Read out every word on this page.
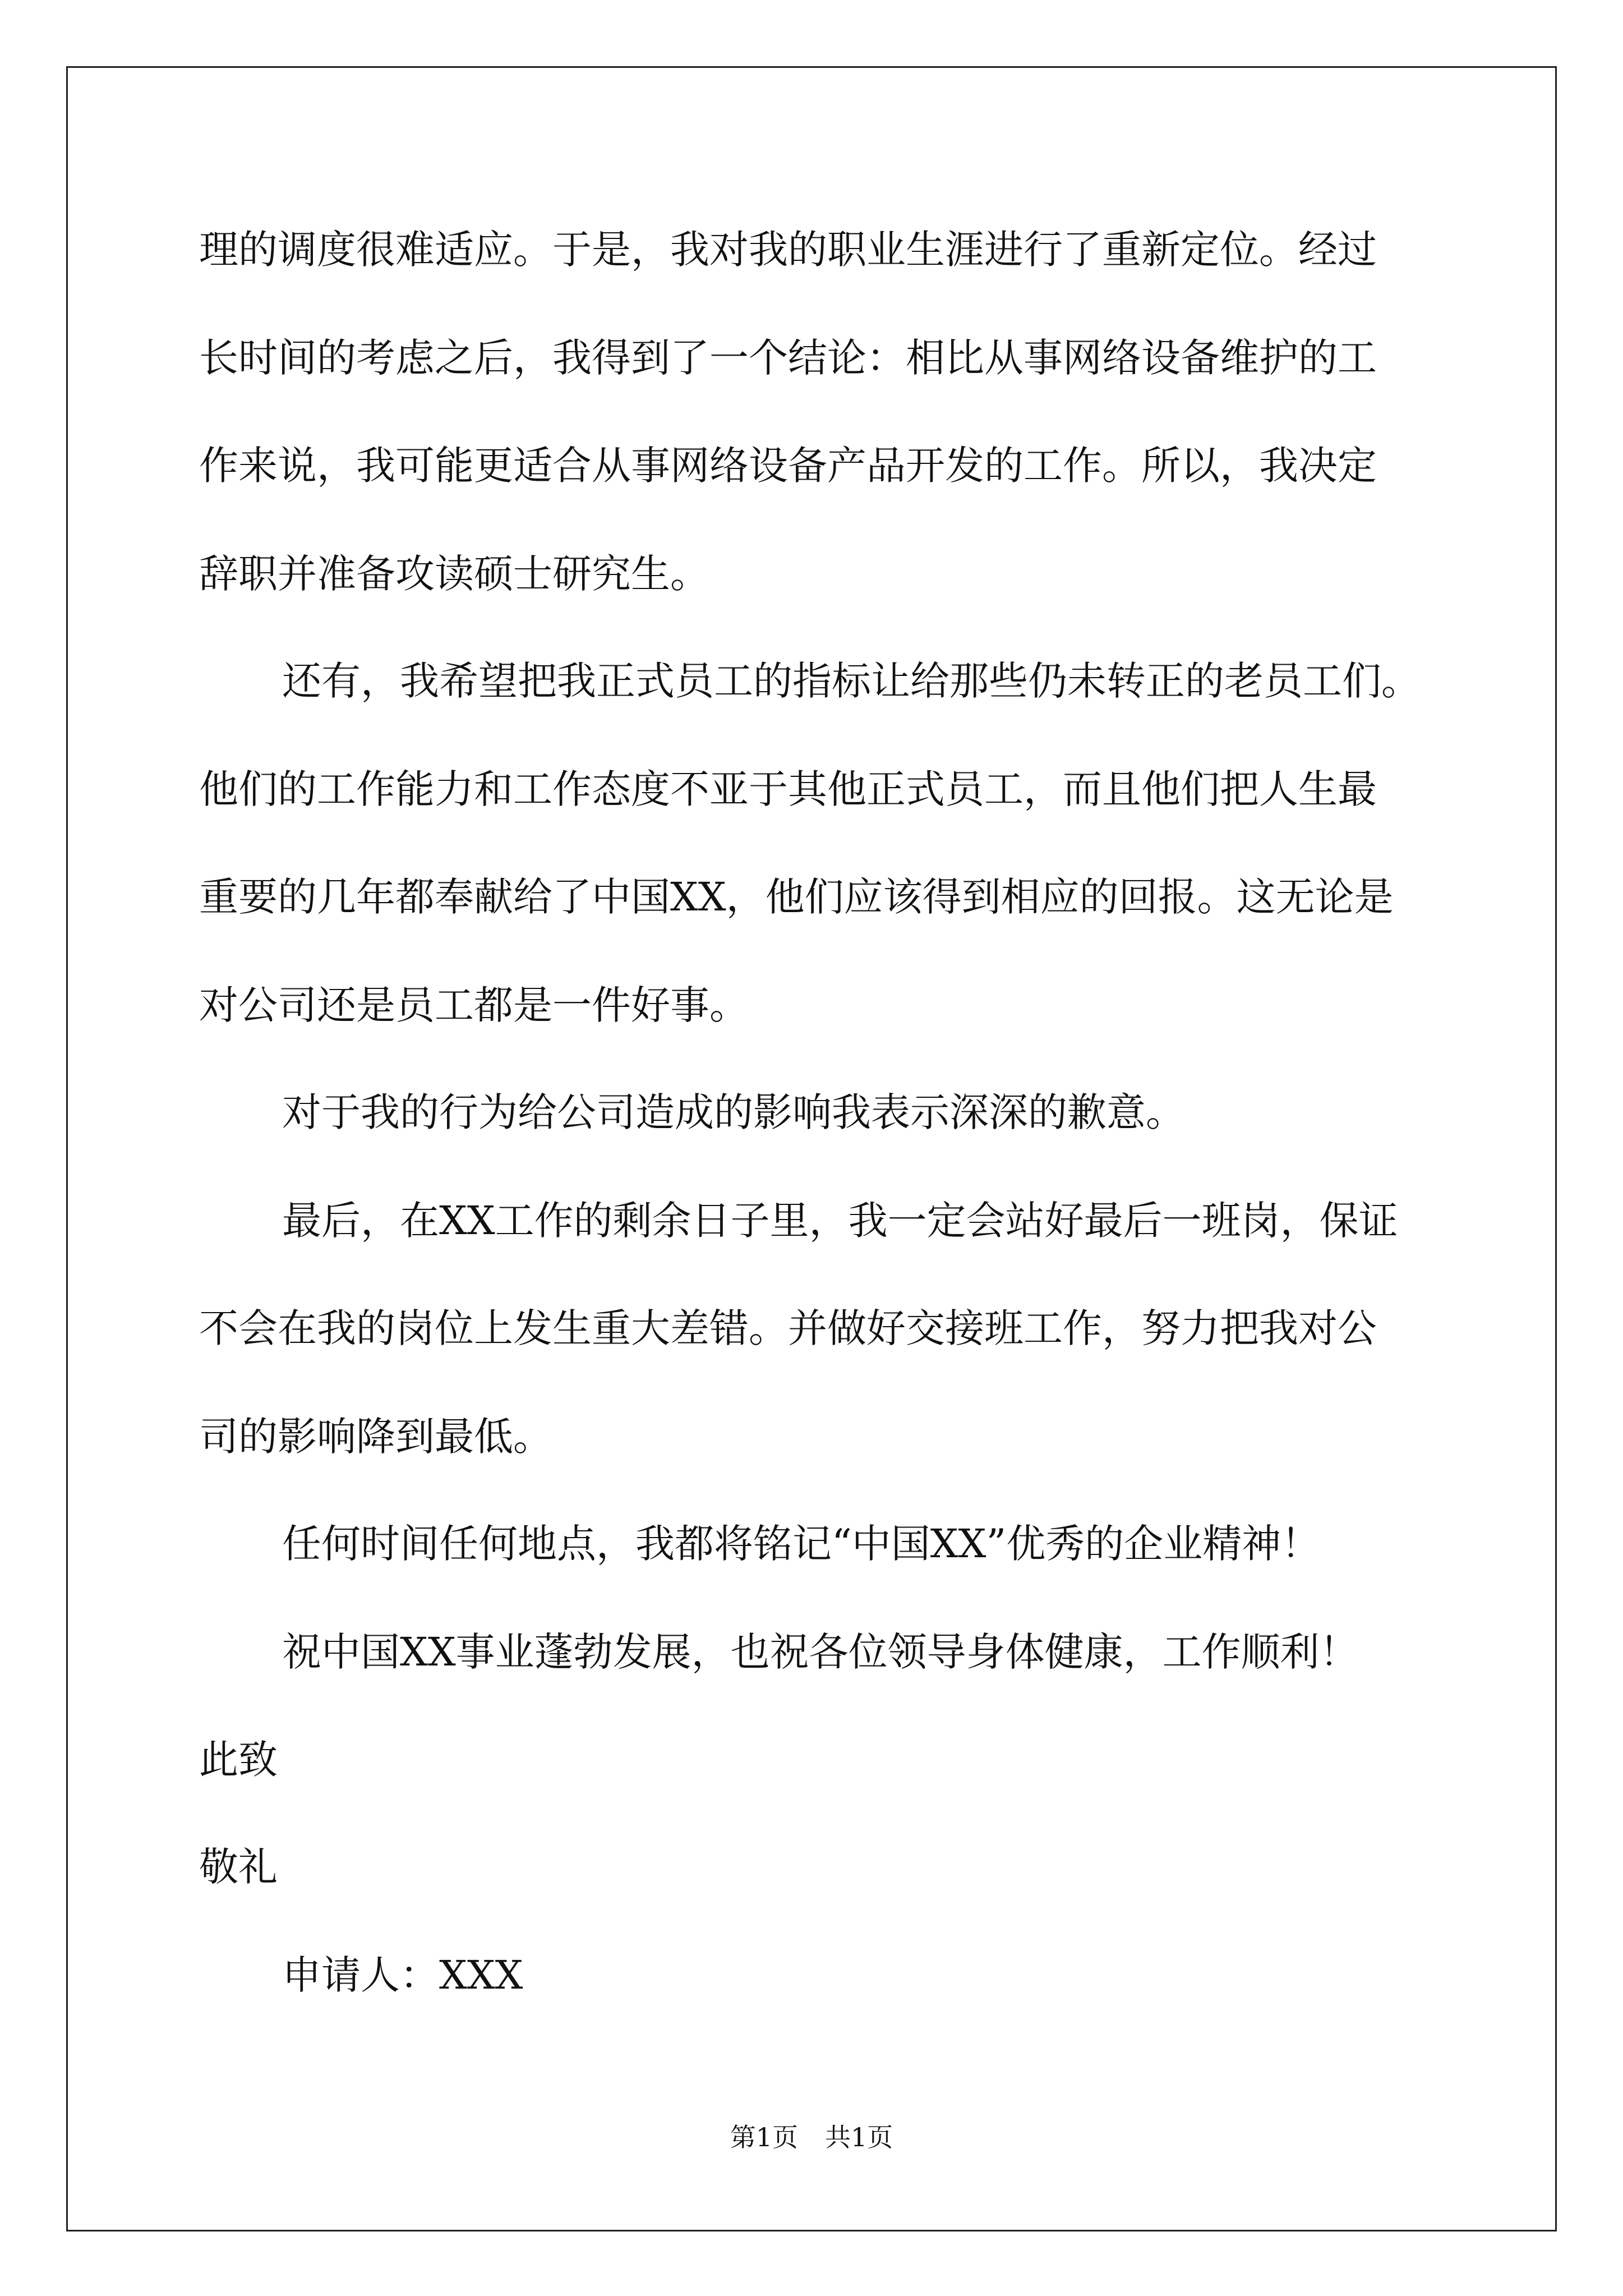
理的调度很难适应。于是，我对我的职业生涯进行了重新定位。经过
长时间的考虑之后，我得到了一个结论：相比从事网络设备维护的工
作来说，我可能更适合从事网络设备产品开发的工作。所以，我决定
辞职并准备攻读硕士研究生。
还有，我希望把我正式员工的指标让给那些仍未转正的老员工们。
他们的工作能力和工作态度不亚于其他正式员工，而且他们把人生最
重要的几年都奉献给了中国XX，他们应该得到相应的回报。这无论是
对公司还是员工都是一件好事。
对于我的行为给公司造成的影响我表示深深的歉意。
最后，在XX工作的剩余日子里，我一定会站好最后一班岗，保证
不会在我的岗位上发生重大差错。并做好交接班工作，努力把我对公
司的影响降到最低。
任何时间任何地点，我都将铭记“中国XX”优秀的企业精神！
祝中国XX事业蓬勃发展，也祝各位领导身体健康，工作顺利！
此致
敬礼
申请人：XXX
第1页 共1页
